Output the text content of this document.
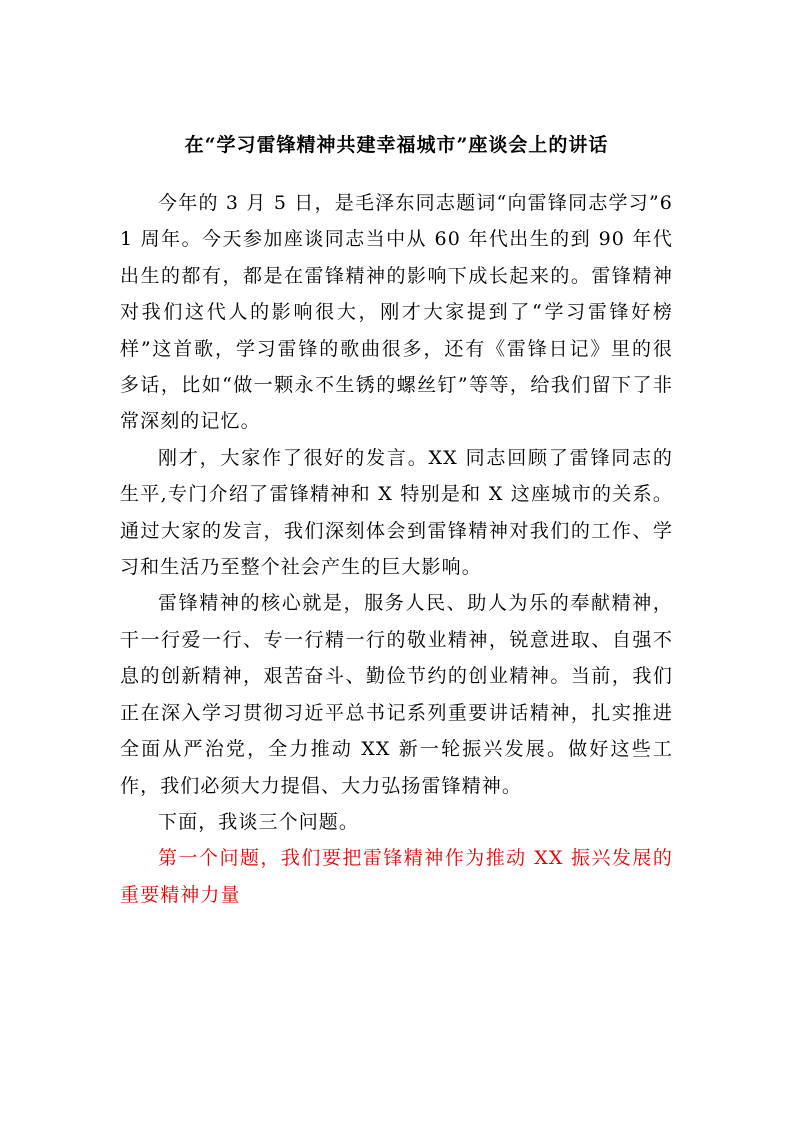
在“学习雷锋精神共建幸福城市”座谈会上的讲话

今年的 3 月 5 日，是毛泽东同志题词“向雷锋同志学习”61 周年。今天参加座谈同志当中从 60 年代出生的到 90 年代出生的都有，都是在雷锋精神的影响下成长起来的。雷锋精神对我们这代人的影响很大，刚才大家提到了“学习雷锋好榜样”这首歌，学习雷锋的歌曲很多，还有《雷锋日记》里的很多话，比如“做一颗永不生锈的螺丝钉”等等，给我们留下了非常深刻的记忆。

刚才，大家作了很好的发言。XX 同志回顾了雷锋同志的生平,专门介绍了雷锋精神和 X 特别是和 X 这座城市的关系。通过大家的发言，我们深刻体会到雷锋精神对我们的工作、学习和生活乃至整个社会产生的巨大影响。

雷锋精神的核心就是，服务人民、助人为乐的奉献精神，干一行爱一行、专一行精一行的敬业精神，锐意进取、自强不息的创新精神，艰苦奋斗、勤俭节约的创业精神。当前，我们正在深入学习贯彻习近平总书记系列重要讲话精神，扎实推进全面从严治党，全力推动 XX 新一轮振兴发展。做好这些工作，我们必须大力提倡、大力弘扬雷锋精神。

下面，我谈三个问题。

第一个问题，我们要把雷锋精神作为推动 XX 振兴发展的重要精神力量
